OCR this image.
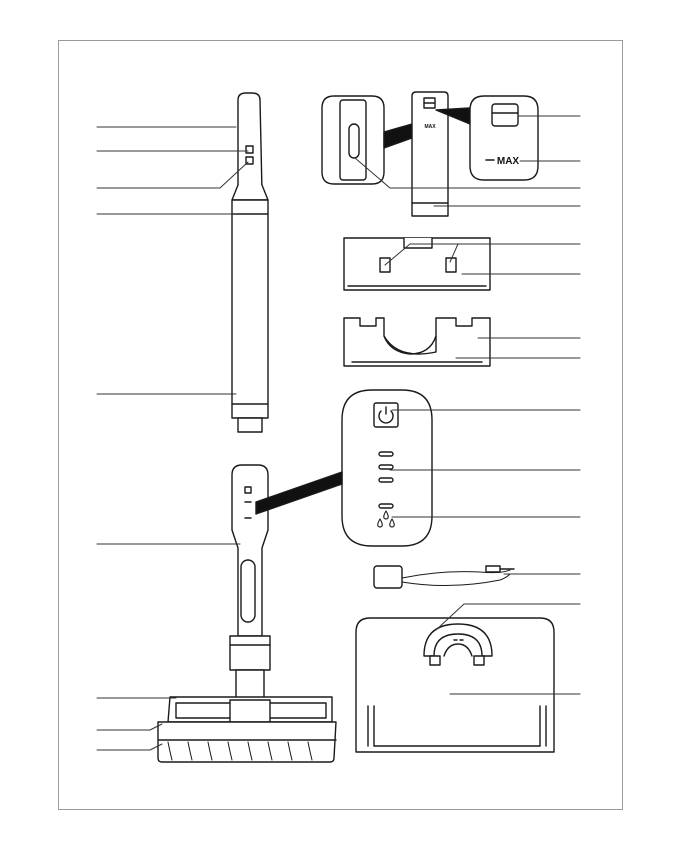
MAX
MAX
